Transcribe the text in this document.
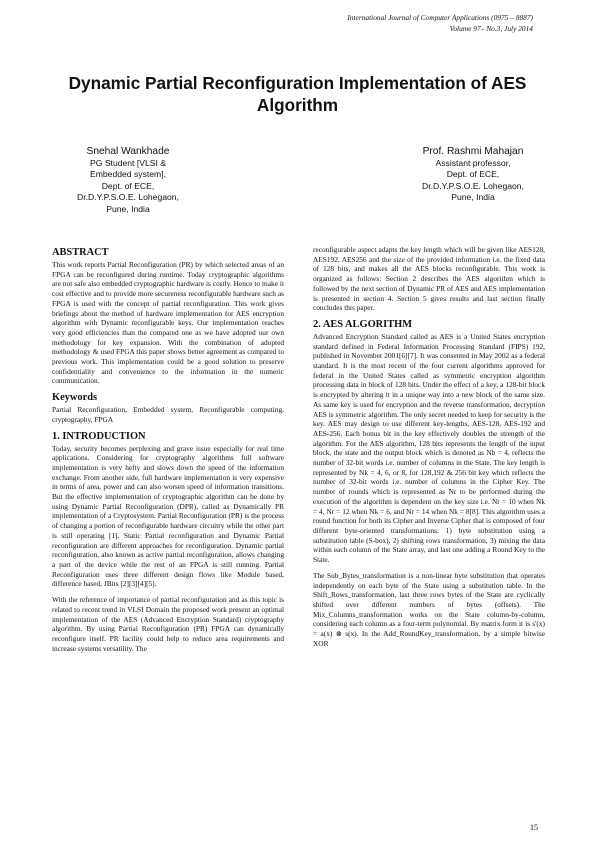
International Journal of Computer Applications (0975 – 8887)
Volume 97– No.3, July 2014
Dynamic Partial Reconfiguration Implementation of AES Algorithm
Snehal Wankhade
PG Student [VLSI &
Embedded system],
Dept. of ECE,
Dr.D.Y.P.S.O.E. Lohegaon,
Pune, India
Prof. Rashmi Mahajan
Assistant professor,
Dept. of ECE,
Dr.D.Y.P.S.O.E. Lohegaon,
Pune, India
ABSTRACT

This work reports Partial Reconfiguration (PR) by which selected areas of an FPGA can be reconfigured during runtime. Today cryptographic algorithms are not safe also embedded cryptographic hardware is costly. Hence to make it cost effective and to provide more secureness reconfigurable hardware such as FPGA is used with the concept of partial reconfiguration. This work gives briefings about the method of hardware implementation for AES encryption algorithm with Dynamic reconfigurable keys. Our implementation reaches very good efficiencies than the compared one as we have adopted our own methodology for key expansion. With the combination of adopted methodology & used FPGA this paper shows better agreement as compared to previous work. This implementation could be a good solution to preserve confidentiality and convenience to the information in the numeric communication.

Keywords

Partial Reconfiguration, Embedded system, Reconfigurable computing, cryptography, FPGA

1. INTRODUCTION

Today, security becomes perplexing and grave issue especially for real time applications. Considering for cryptography algorithms full software implementation is very hefty and slows down the speed of the information exchange. From another side, full hardware implementation is very expensive in terms of area, power and can also worsen speed of information transitions. But the effective implementation of cryptographic algorithm can be done by using Dynamic Partial Reconfiguration (DPR), called as Dynamically PR implementation of a Cryptosystem. Partial Reconfiguration (PR) is the process of changing a portion of reconfigurable hardware circuitry while the other part is still operating [1]. Static Partial reconfiguration and Dynamic Partial reconfiguration are different approaches for reconfiguration. Dynamic partial reconfiguration, also known as active partial reconfiguration, allows changing a part of the device while the rest of an FPGA is still running. Partial Reconfiguration uses three different design flows like Module based, difference based, JBits [2][3][4][5].

With the reference of importance of partial reconfiguration and as this topic is related to recent trend in VLSI Domain the proposed work present an optimal implementation of the AES (Advanced Encryption Standard) cryptography algorithm. By using Partial Reconfiguration (PR) FPGA can dynamically reconfigure itself. PR facility could help to reduce area requirements and increase systems versatility. The

reconfigurable aspect adapts the key length which will be given like AES128, AES192, AES256 and the size of the provided information i.e. the fixed data of 128 bits, and makes all the AES blocks reconfigurable. This work is organized as follows: Section 2 describes the AES algorithm which is followed by the next section of Dynamic PR of AES and AES implementation is presented in section 4. Section 5 gives results and last section finally concludes this paper.

2. AES ALGORITHM

Advanced Encryption Standard called as AES is a United States encryption standard defined in Federal Information Processing Standard (FIPS) 192, published in November 2001[6][7]. It was consented in May 2002 as a federal standard. It is the most recent of the four current algorithms approved for federal in the United States called as symmetric encryption algorithm processing data in block of 128 bits. Under the effect of a key, a 128-bit block is encrypted by altering it in a unique way into a new block of the same size. As same key is used for encryption and the reverse transformation, decryption AES is symmetric algorithm. The only secret needed to keep for security is the key. AES may design to use different key-lengths, AES-128, AES-192 and AES-256. Each bonus bit in the key effectively doubles the strength of the algorithm. For the AES algorithm, 128 bits represents the length of the input block, the state and the output block which is denoted as Nb = 4, reflects the number of 32-bit words i.e. number of columns in the State. The key length is represented by Nk = 4, 6, or 8, for 128,192 & 256 bit key which reflects the number of 32-bit words i.e. number of columns in the Cipher Key. The number of rounds which is represented as Nr to be performed during the execution of the algorithm is dependent on the key size i.e. Nr = 10 when Nk = 4, Nr = 12 when Nk = 6, and Nr = 14 when Nk = 8[8]. This algorithm uses a round function for both its Cipher and Inverse Cipher that is composed of four different byte-oriented transformations: 1) byte substitution using a substitution table (S-box), 2) shifting rows transformation, 3) mixing the data within each column of the State array, and last one adding a Round Key to the State.

The Sub_Bytes_transformation is a non-linear byte substitution that operates independently on each byte of the State using a substitution table. In the Shift_Rows_transformation, last three rows bytes of the State are cyclically shifted over different numbers of bytes (offsets). The Mix_Columns_transformation works on the State column-by-column, considering each column as a four-term polynomial. By matrix form it is s'(x) = a(x) ⊗ s(x). In the Add_RoundKey_transformation, by a simple bitwise XOR

15
